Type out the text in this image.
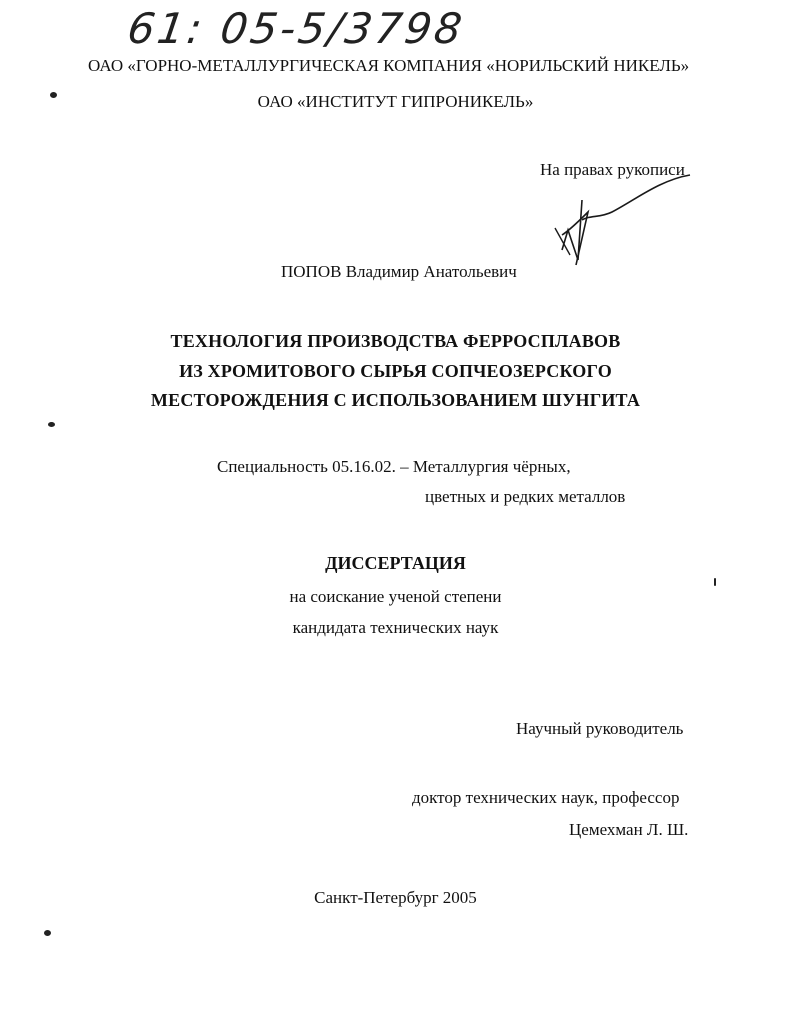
61: 05-5/3798
ОАО «ГОРНО-МЕТАЛЛУРГИЧЕСКАЯ КОМПАНИЯ «НОРИЛЬСКИЙ НИКЕЛЬ»
ОАО «ИНСТИТУТ ГИПРОНИКЕЛЬ»
На правах рукописи
ПОПОВ Владимир Анатольевич
ТЕХНОЛОГИЯ ПРОИЗВОДСТВА ФЕРРОСПЛАВОВ
ИЗ ХРОМИТОВОГО СЫРЬЯ СОПЧЕОЗЕРСКОГО
МЕСТОРОЖДЕНИЯ С ИСПОЛЬЗОВАНИЕМ ШУНГИТА
Специальность 05.16.02. – Металлургия чёрных,
цветных и редких металлов
ДИССЕРТАЦИЯ
на соискание ученой степени
кандидата технических наук
Научный руководитель
доктор технических наук, профессор
Цемехман Л. Ш.
Санкт-Петербург 2005
